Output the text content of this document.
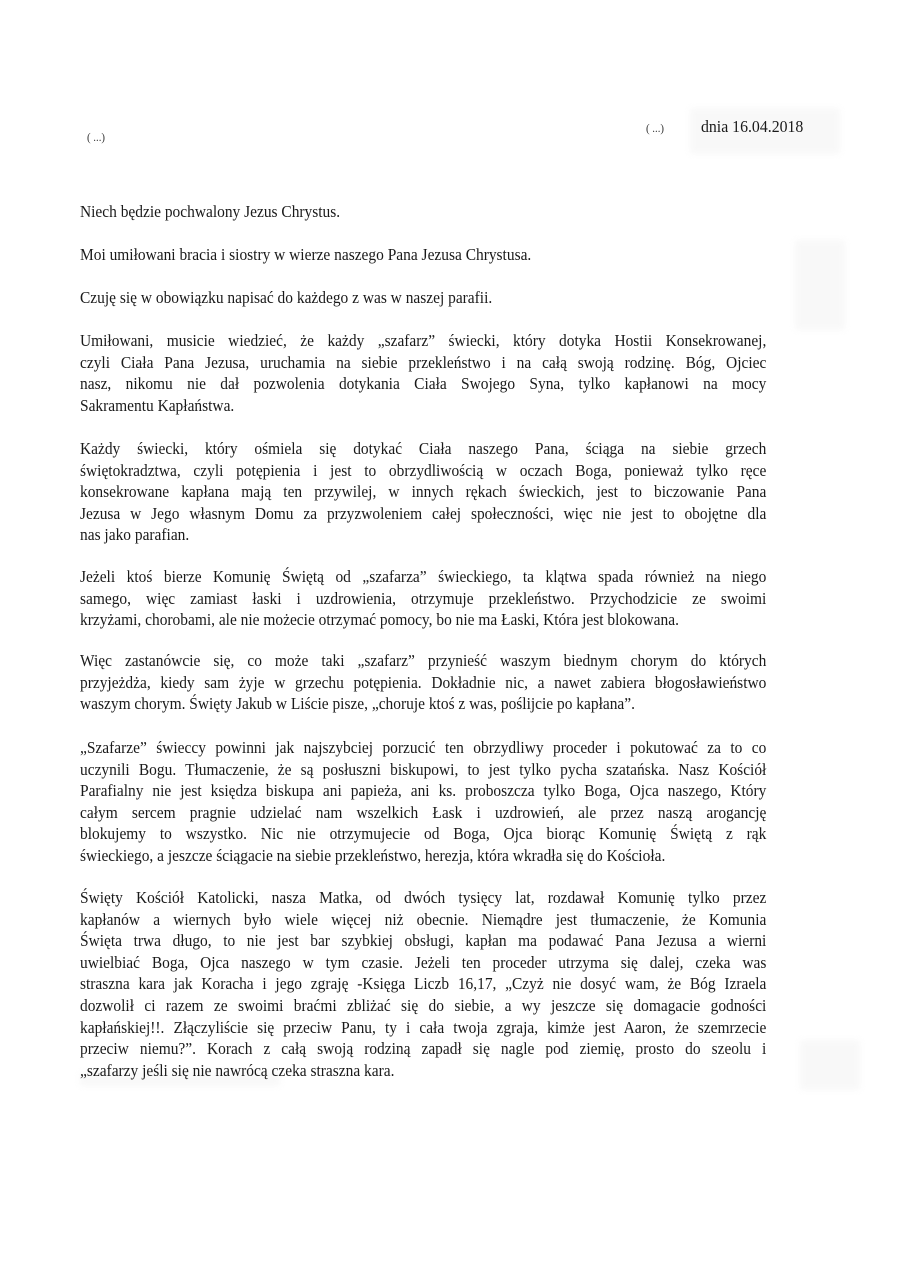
( ...)
( ...) dnia 16.04.2018
Niech będzie pochwalony Jezus Chrystus.
Moi umiłowani bracia i siostry w wierze naszego Pana Jezusa Chrystusa.
Czuję się w obowiązku napisać do każdego z was w naszej parafii.
Umiłowani, musicie wiedzieć, że każdy „szafarz” świecki, który dotyka Hostii Konsekrowanej,
czyli Ciała Pana Jezusa, uruchamia na siebie przekleństwo i na całą swoją rodzinę. Bóg, Ojciec
nasz, nikomu nie dał pozwolenia dotykania Ciała Swojego Syna, tylko kapłanowi na mocy
Sakramentu Kapłaństwa.
Każdy świecki, który ośmiela się dotykać Ciała naszego Pana, ściąga na siebie grzech
świętokradztwa, czyli potępienia i jest to obrzydliwością w oczach Boga, ponieważ tylko ręce
konsekrowane kapłana mają ten przywilej, w innych rękach świeckich, jest to biczowanie Pana
Jezusa w Jego własnym Domu za przyzwoleniem całej społeczności, więc nie jest to obojętne dla
nas jako parafian.
Jeżeli ktoś bierze Komunię Świętą od „szafarza” świeckiego, ta klątwa spada również na niego
samego, więc zamiast łaski i uzdrowienia, otrzymuje przekleństwo. Przychodzicie ze swoimi
krzyżami, chorobami, ale nie możecie otrzymać pomocy, bo nie ma Łaski, Która jest blokowana.
Więc zastanówcie się, co może taki „szafarz” przynieść waszym biednym chorym do których
przyjeżdża, kiedy sam żyje w grzechu potępienia. Dokładnie nic, a nawet zabiera błogosławieństwo
waszym chorym. Święty Jakub w Liście pisze, „choruje ktoś z was, poślijcie po kapłana”.
„Szafarze” świeccy powinni jak najszybciej porzucić ten obrzydliwy proceder i pokutować za to co
uczynili Bogu. Tłumaczenie, że są posłuszni biskupowi, to jest tylko pycha szatańska. Nasz Kościół
Parafialny nie jest księdza biskupa ani papieża, ani ks. proboszcza tylko Boga, Ojca naszego, Który
całym sercem pragnie udzielać nam wszelkich Łask i uzdrowień, ale przez naszą arogancję
blokujemy to wszystko. Nic nie otrzymujecie od Boga, Ojca biorąc Komunię Świętą z rąk
świeckiego, a jeszcze ściągacie na siebie przekleństwo, herezja, która wkradła się do Kościoła.
Święty Kościół Katolicki, nasza Matka, od dwóch tysięcy lat, rozdawał Komunię tylko przez
kapłanów a wiernych było wiele więcej niż obecnie. Niemądre jest tłumaczenie, że Komunia
Święta trwa długo, to nie jest bar szybkiej obsługi, kapłan ma podawać Pana Jezusa a wierni
uwielbiać Boga, Ojca naszego w tym czasie. Jeżeli ten proceder utrzyma się dalej, czeka was
straszna kara jak Koracha i jego zgraję -Księga Liczb 16,17, „Czyż nie dosyć wam, że Bóg Izraela
dozwolił ci razem ze swoimi braćmi zbliżać się do siebie, a wy jeszcze się domagacie godności
kapłańskiej!!. Złączyliście się przeciw Panu, ty i cała twoja zgraja, kimże jest Aaron, że szemrzecie
przeciw niemu?”. Korach z całą swoją rodziną zapadł się nagle pod ziemię, prosto do szeolu i
„szafarzy jeśli się nie nawrócą czeka straszna kara.
